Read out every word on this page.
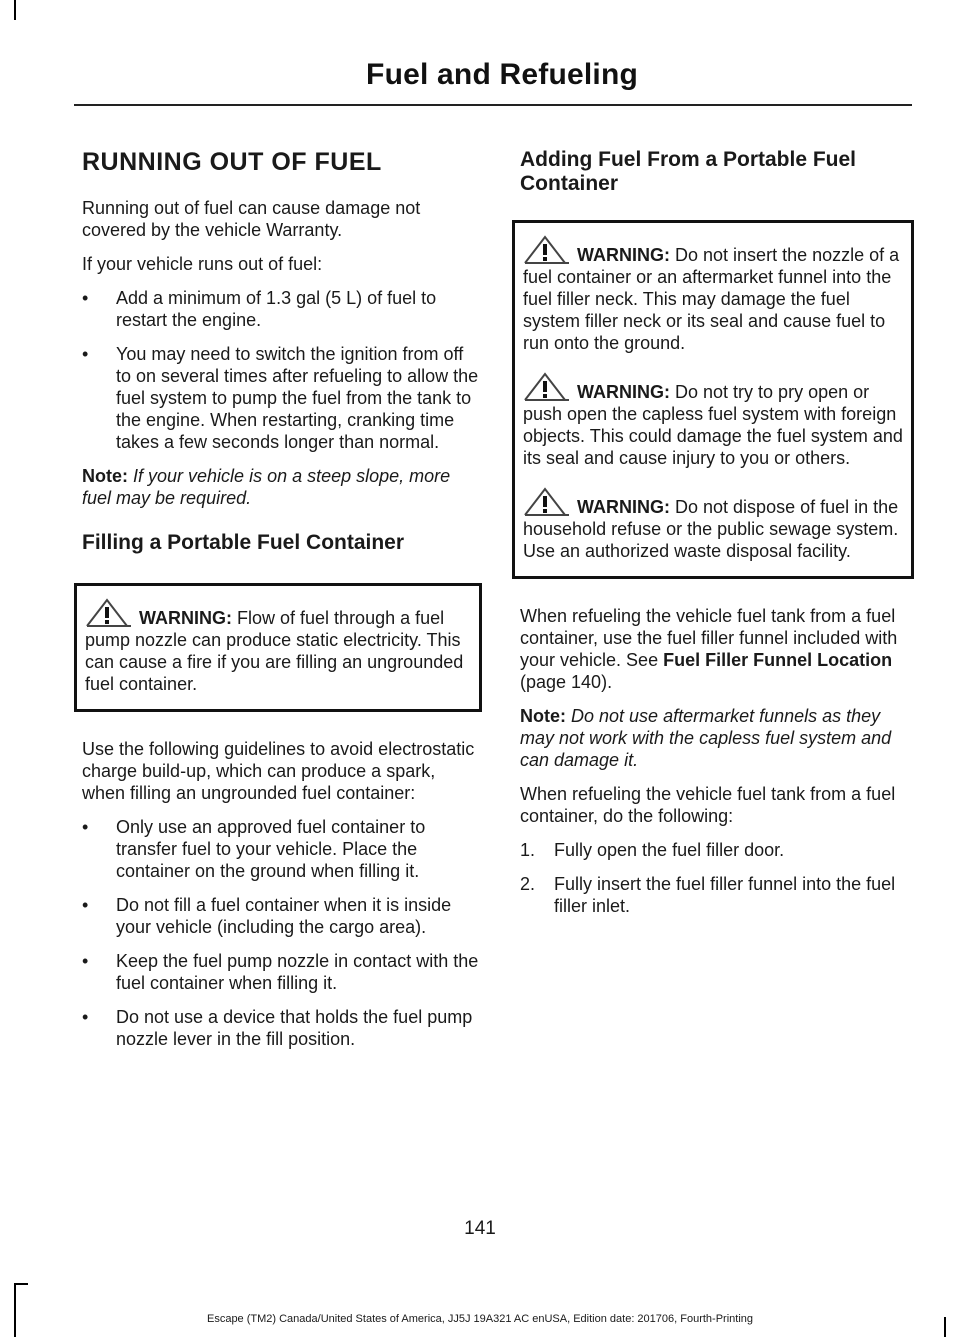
Fuel and Refueling
RUNNING OUT OF FUEL

Running out of fuel can cause damage not covered by the vehicle Warranty.

If your vehicle runs out of fuel:

• Add a minimum of 1.3 gal (5 L) of fuel to restart the engine.
• You may need to switch the ignition from off to on several times after refueling to allow the fuel system to pump the fuel from the tank to the engine. When restarting, cranking time takes a few seconds longer than normal.

Note: If your vehicle is on a steep slope, more fuel may be required.

Filling a Portable Fuel Container
WARNING: Flow of fuel through a fuel pump nozzle can produce static electricity. This can cause a fire if you are filling an ungrounded fuel container.

Use the following guidelines to avoid electrostatic charge build-up, which can produce a spark, when filling an ungrounded fuel container:

• Only use an approved fuel container to transfer fuel to your vehicle. Place the container on the ground when filling it.
• Do not fill a fuel container when it is inside your vehicle (including the cargo area).
• Keep the fuel pump nozzle in contact with the fuel container when filling it.
• Do not use a device that holds the fuel pump nozzle lever in the fill position.
Adding Fuel From a Portable Fuel Container
WARNING: Do not insert the nozzle of a fuel container or an aftermarket funnel into the fuel filler neck. This may damage the fuel system filler neck or its seal and cause fuel to run onto the ground.
WARNING: Do not try to pry open or push open the capless fuel system with foreign objects. This could damage the fuel system and its seal and cause injury to you or others.
WARNING: Do not dispose of fuel in the household refuse or the public sewage system. Use an authorized waste disposal facility.

When refueling the vehicle fuel tank from a fuel container, use the fuel filler funnel included with your vehicle. See Fuel Filler Funnel Location (page 140).

Note: Do not use aftermarket funnels as they may not work with the capless fuel system and can damage it.

When refueling the vehicle fuel tank from a fuel container, do the following:

1. Fully open the fuel filler door.
2. Fully insert the fuel filler funnel into the fuel filler inlet.
141
Escape (TM2) Canada/United States of America, JJ5J 19A321 AC enUSA, Edition date: 201706, Fourth-Printing
